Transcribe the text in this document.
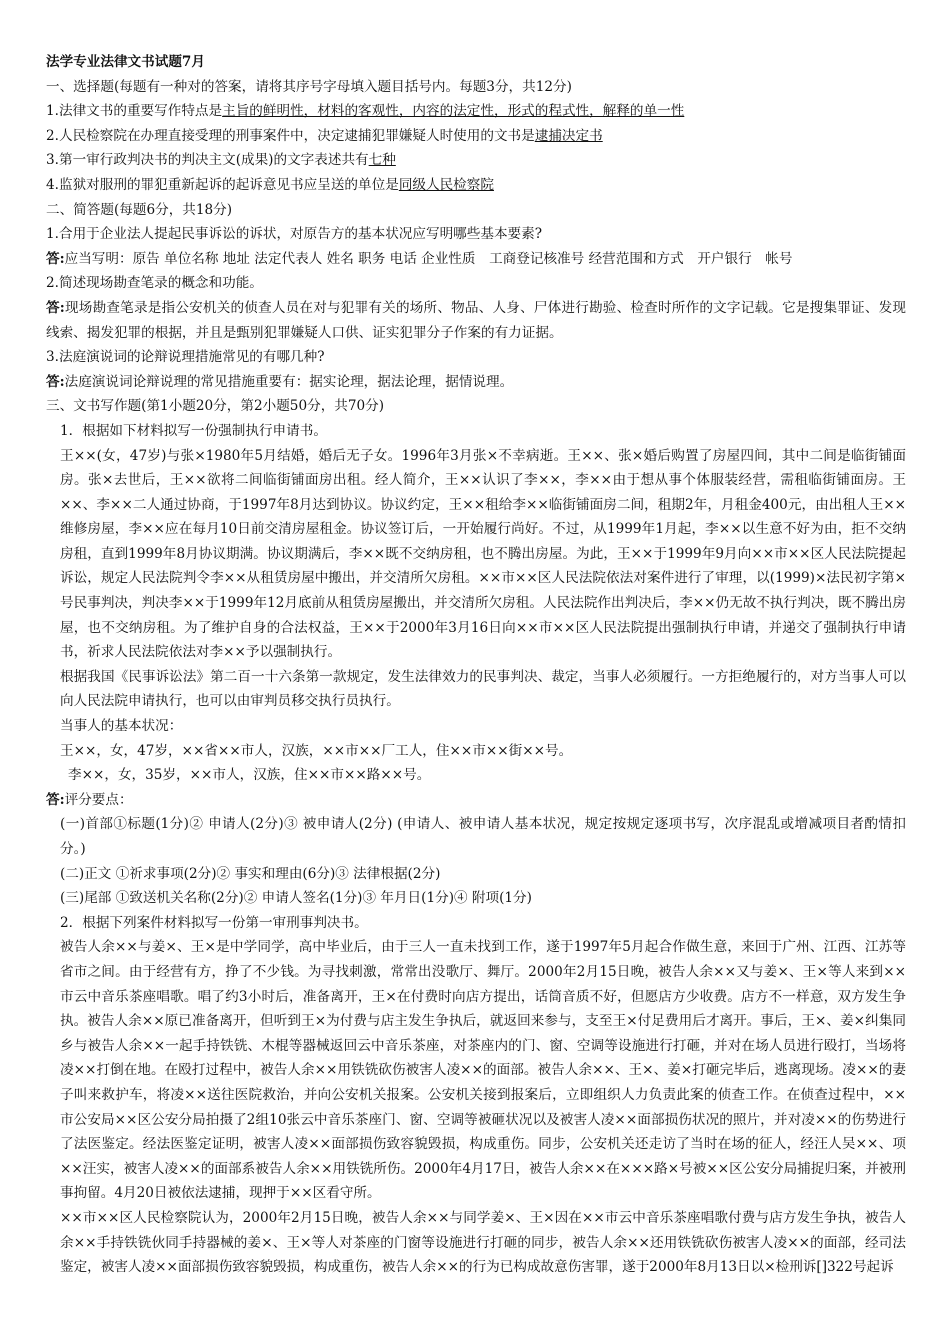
法学专业法律文书试题7月
一、选择题(每题有一种对的答案，请将其序号字母填入题目括号内。每题3分，共12分)
1.法律文书的重要写作特点是主旨的鲜明性，材料的客观性，内容的法定性，形式的程式性，解释的单一性
2.人民检察院在办理直接受理的刑事案件中，决定逮捕犯罪嫌疑人时使用的文书是逮捕决定书
3.第一审行政判决书的判决主文(成果)的文字表述共有七种
4.监狱对服刑的罪犯重新起诉的起诉意见书应呈送的单位是同级人民检察院
二、简答题(每题6分，共18分)
1.合用于企业法人提起民事诉讼的诉状，对原告方的基本状况应写明哪些基本要素?
答:应当写明：原告 单位名称 地址 法定代表人 姓名 职务 电话 企业性质　工商登记核准号 经营范围和方式　开户银行　帐号
2.简述现场勘查笔录的概念和功能。
答:现场勘查笔录是指公安机关的侦查人员在对与犯罪有关的场所、物品、人身、尸体进行勘验、检查时所作的文字记载。它是搜集罪证、发现线索、揭发犯罪的根据，并且是甄别犯罪嫌疑人口供、证实犯罪分子作案的有力证据。
3.法庭演说词的论辩说理措施常见的有哪几种?
答:法庭演说词论辩说理的常见措施重要有：据实论理，据法论理，据情说理。
三、文书写作题(第1小题20分，第2小题50分，共70分)
1．根据如下材料拟写一份强制执行申请书。
王××(女，47岁)与张×1980年5月结婚，婚后无子女。1996年3月张×不幸病逝。王××、张×婚后购置了房屋四间，其中二间是临街铺面房。张×去世后，王××欲将二间临街铺面房出租。经人简介，王××认识了李××，李××由于想从事个体服装经营，需租临街铺面房。王××、李××二人通过协商，于1997年8月达到协议。协议约定，王××租给李××临街铺面房二间，租期2年，月租金400元，由出租人王××维修房屋，李××应在每月10日前交清房屋租金。协议签订后，一开始履行尚好。不过，从1999年1月起，李××以生意不好为由，拒不交纳房租，直到1999年8月协议期满。协议期满后，李××既不交纳房租，也不腾出房屋。为此，王××于1999年9月向××市××区人民法院提起诉讼，规定人民法院判令李××从租赁房屋中搬出，并交清所欠房租。××市××区人民法院依法对案件进行了审理，以(1999)×法民初字第×号民事判决，判决李××于1999年12月底前从租赁房屋搬出，并交清所欠房租。人民法院作出判决后，李××仍无故不执行判决，既不腾出房屋，也不交纳房租。为了维护自身的合法权益，王××于2000年3月16日向××市××区人民法院提出强制执行申请，并递交了强制执行申请书，祈求人民法院依法对李××予以强制执行。
根据我国《民事诉讼法》第二百一十六条第一款规定，发生法律效力的民事判决、裁定，当事人必须履行。一方拒绝履行的，对方当事人可以向人民法院申请执行，也可以由审判员移交执行员执行。
当事人的基本状况：
王××，女，47岁，××省××市人，汉族，××市××厂工人，住××市××街××号。
李××，女，35岁，××市人，汉族，住××市××路××号。
答:评分要点：
(一)首部①标题(1分)② 申请人(2分)③ 被申请人(2分) (申请人、被申请人基本状况，规定按规定逐项书写，次序混乱或增减项目者酌情扣分。)
(二)正文 ①祈求事项(2分)② 事实和理由(6分)③ 法律根据(2分)
(三)尾部 ①致送机关名称(2分)② 申请人签名(1分)③ 年月日(1分)④ 附项(1分)
2．根据下列案件材料拟写一份第一审刑事判决书。
被告人余××与姜×、王×是中学同学，高中毕业后，由于三人一直未找到工作，遂于1997年5月起合作做生意，来回于广州、江西、江苏等省市之间。由于经营有方，挣了不少钱。为寻找刺激，常常出没歌厅、舞厅。2000年2月15日晚，被告人余××又与姜×、王×等人来到××市云中音乐茶座唱歌。唱了约3小时后，准备离开，王×在付费时向店方提出，话筒音质不好，但愿店方少收费。店方不一样意，双方发生争执。被告人余××原已准备离开，但听到王×为付费与店主发生争执后，就返回来参与，支至王×付足费用后才离开。事后，王×、姜×纠集同乡与被告人余××一起手持铁铣、木棍等器械返回云中音乐茶座，对茶座内的门、窗、空调等设施进行打砸，并对在场人员进行殴打，当场将凌××打倒在地。在殴打过程中，被告人余××用铁铣砍伤被害人凌××的面部。被告人余××、王×、姜×打砸完毕后，逃离现场。凌××的妻子叫来救护车，将凌××送往医院救治，并向公安机关报案。公安机关接到报案后，立即组织人力负责此案的侦查工作。在侦查过程中，××市公安局××区公安分局拍摄了2组10张云中音乐茶座门、窗、空调等被砸状况以及被害人凌××面部损伤状况的照片，并对凌××的伤势进行了法医鉴定。经法医鉴定证明，被害人凌××面部损伤致容貌毁损，构成重伤。同步，公安机关还走访了当时在场的征人，经汪人吴××、项××汪实，被害人凌××的面部系被告人余××用铁铣所伤。2000年4月17日，被告人余××在×××路×号被××区公安分局捕捉归案，并被刑事拘留。4月20日被依法逮捕，现押于××区看守所。
××市××区人民检察院认为，2000年2月15日晚，被告人余××与同学姜×、王×因在××市云中音乐茶座唱歌付费与店方发生争执，被告人余××手持铁铣伙同手持器械的姜×、王×等人对茶座的门窗等设施进行打砸的同步，被告人余××还用铁铣砍伤被害人凌××的面部，经司法鉴定，被害人凌××面部损伤致容貌毁损，构成重伤，被告人余××的行为已构成故意伤害罪，遂于2000年8月13日以×检刑诉[]322号起诉
